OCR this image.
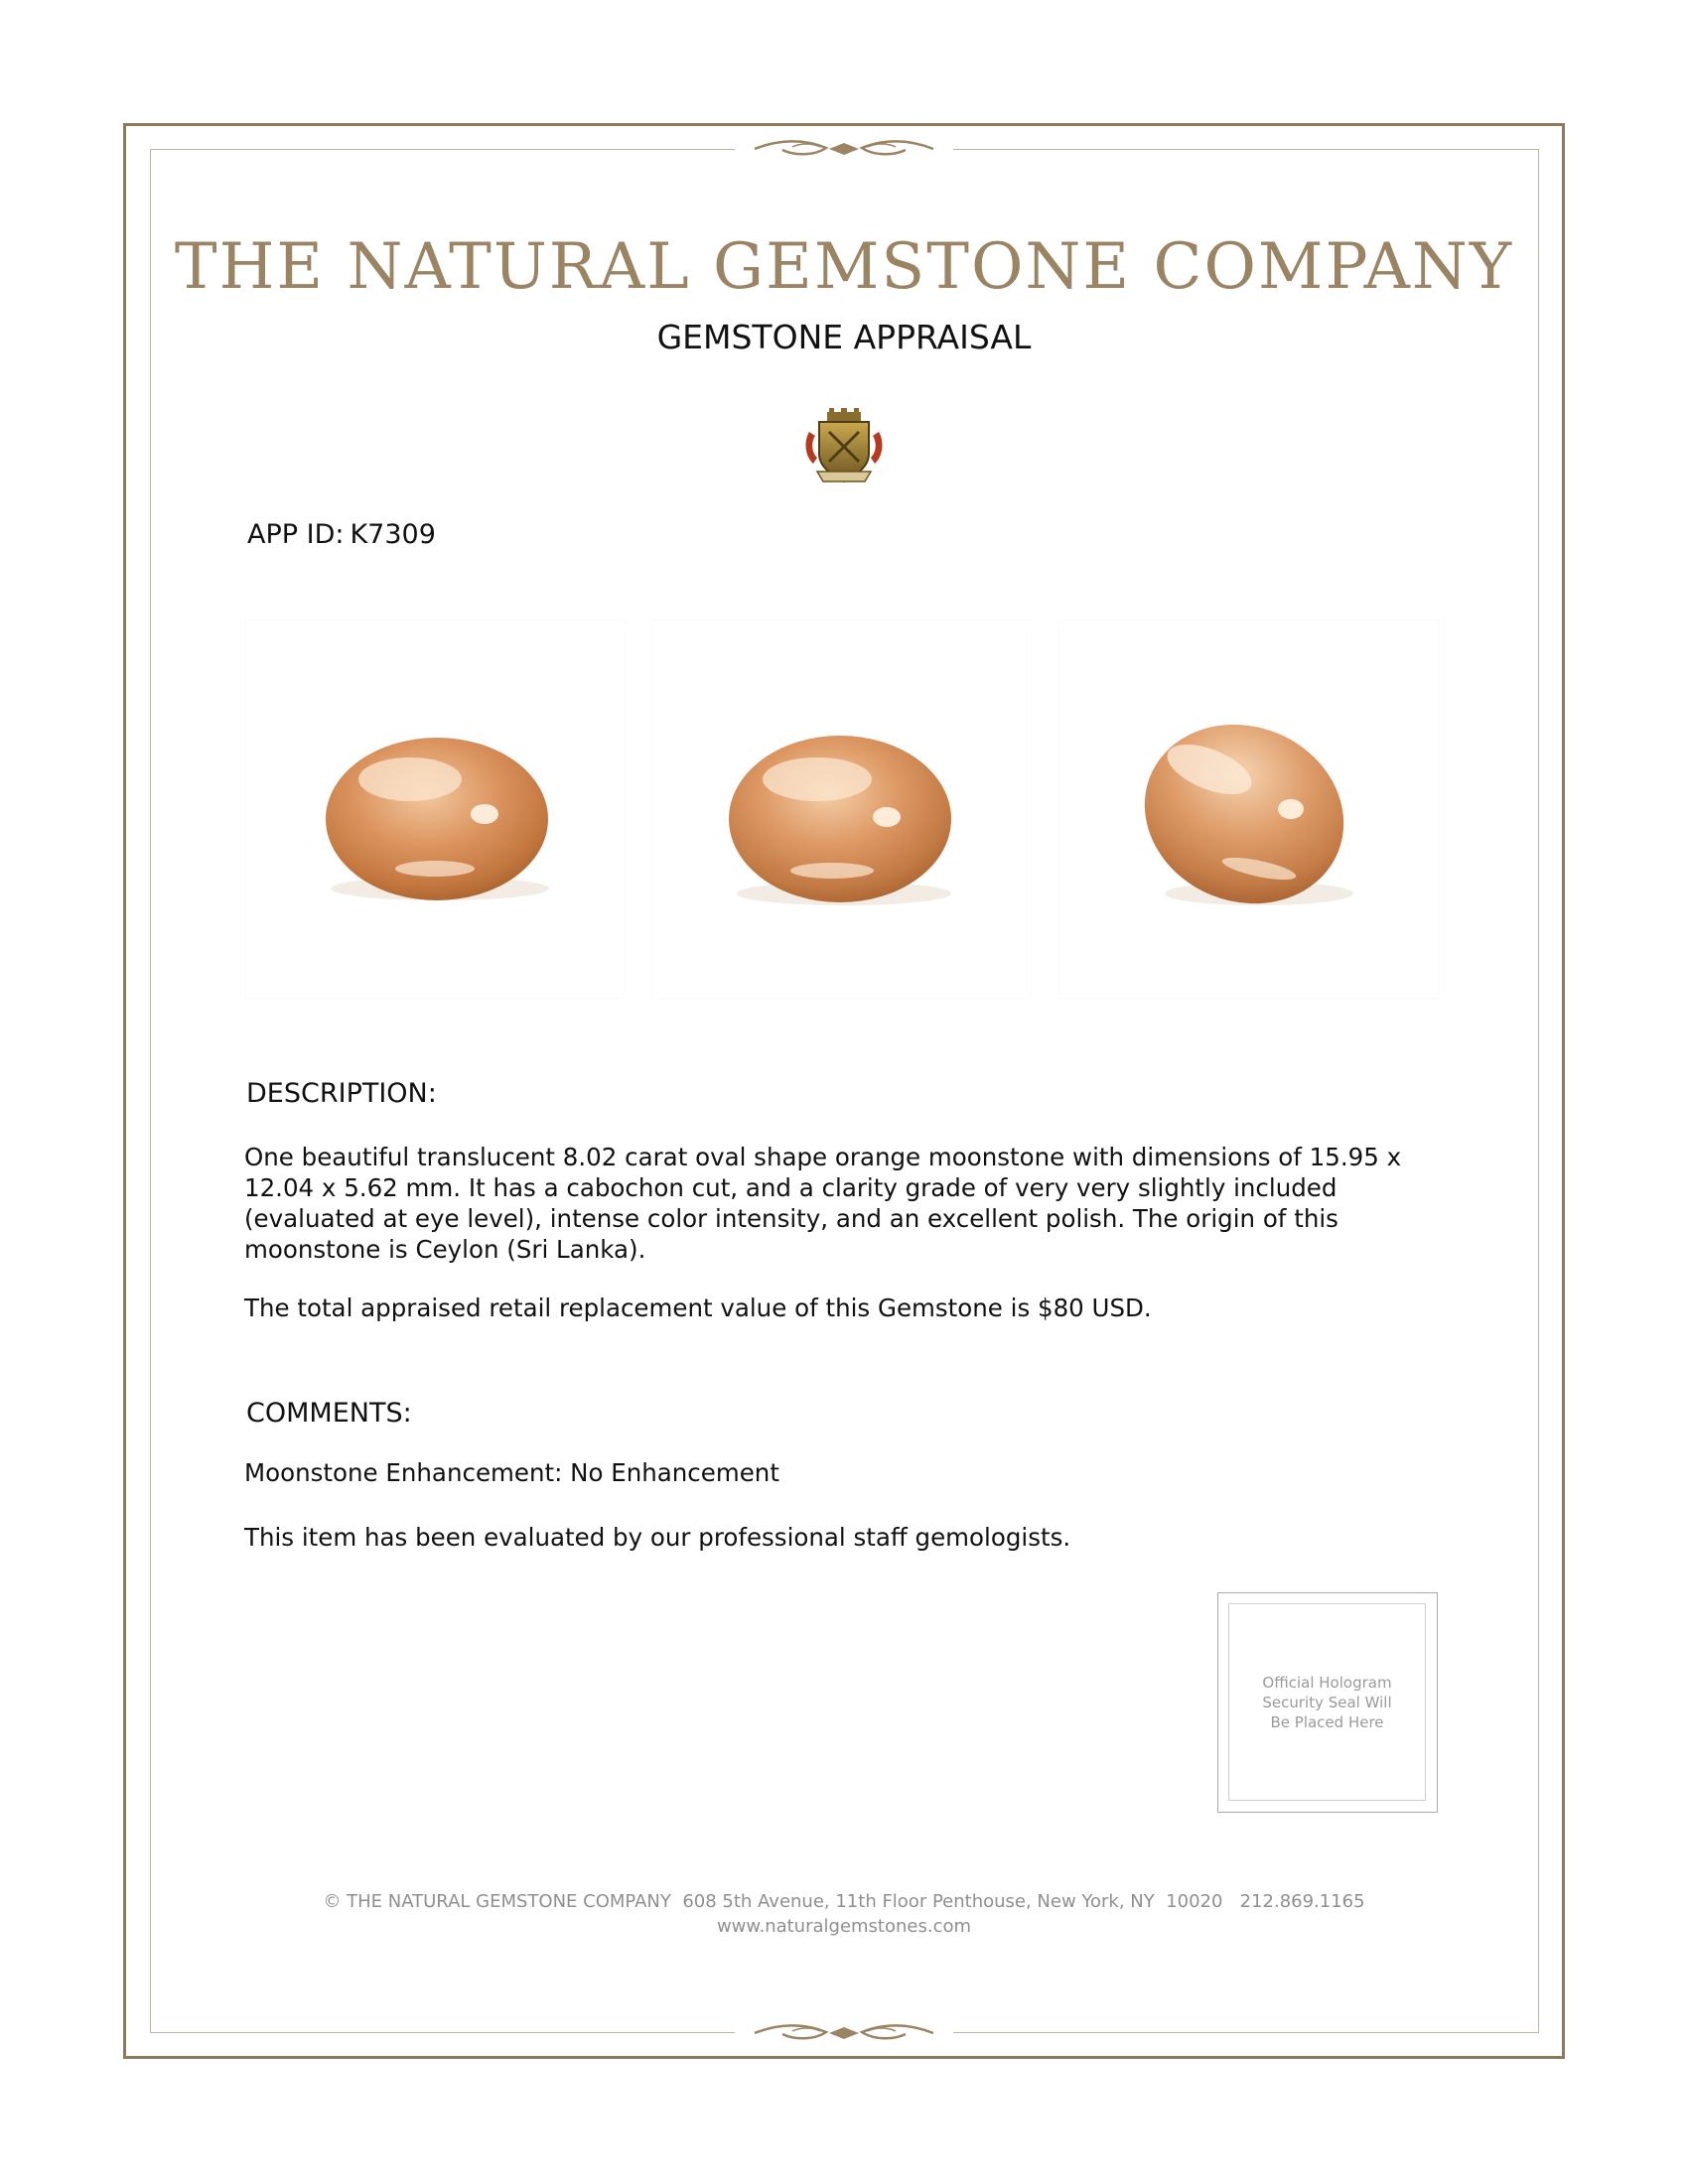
THE NATURAL GEMSTONE COMPANY
GEMSTONE APPRAISAL
APP ID: K7309
DESCRIPTION:
One beautiful translucent 8.02 carat oval shape orange moonstone with dimensions of 15.95 x
12.04 x 5.62 mm. It has a cabochon cut, and a clarity grade of very very slightly included
(evaluated at eye level), intense color intensity, and an excellent polish. The origin of this
moonstone is Ceylon (Sri Lanka).
The total appraised retail replacement value of this Gemstone is $80 USD.
COMMENTS:
Moonstone Enhancement: No Enhancement
This item has been evaluated by our professional staff gemologists.
Official Hologram
Security Seal Will
Be Placed Here
© THE NATURAL GEMSTONE COMPANY  608 5th Avenue, 11th Floor Penthouse, New York, NY  10020   212.869.1165
www.naturalgemstones.com
